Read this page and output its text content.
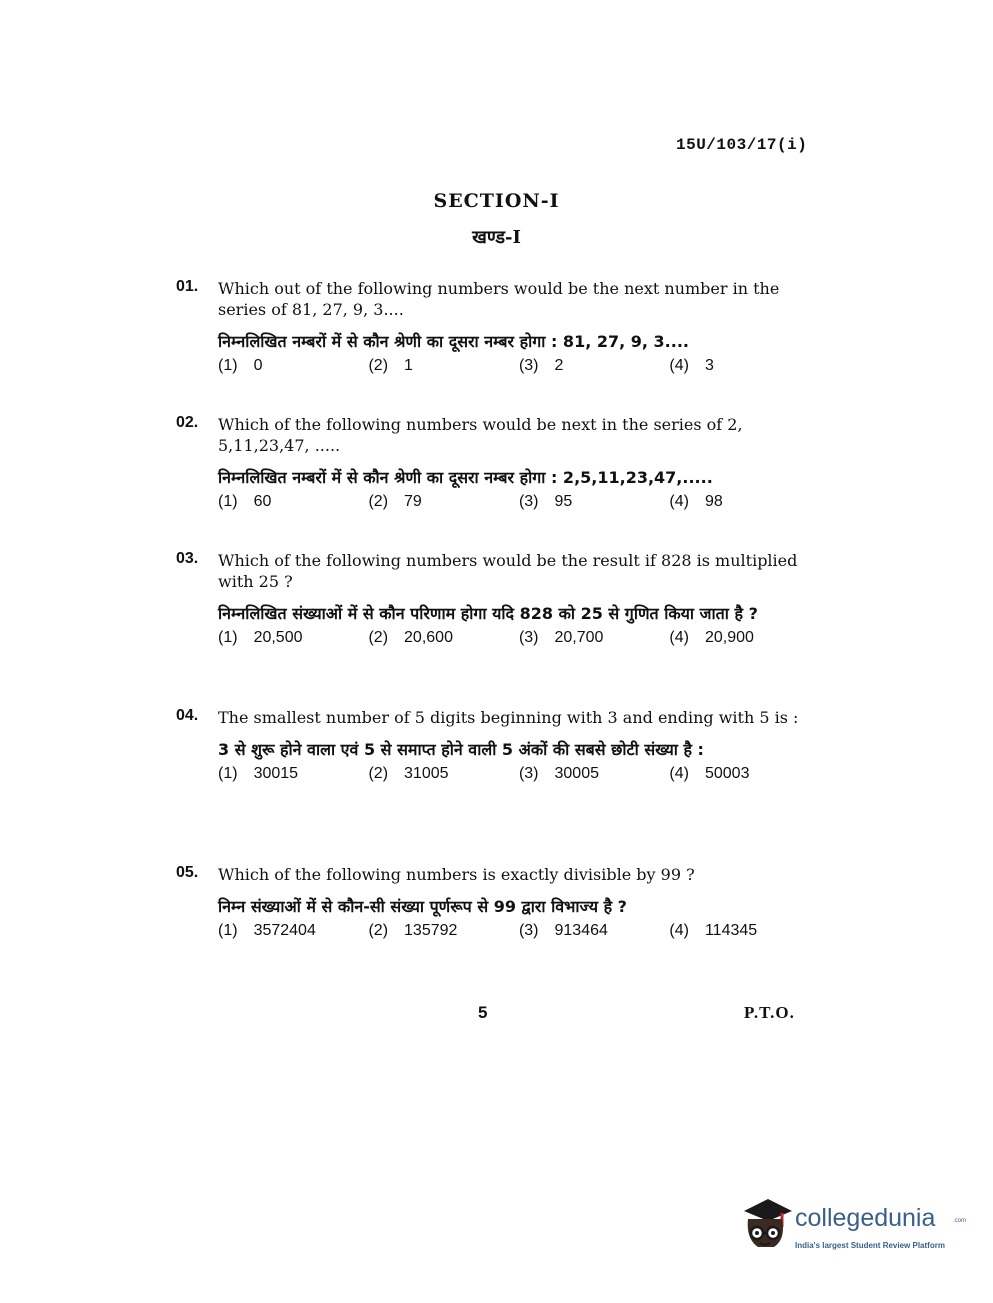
15U/103/17(i)
SECTION-I
खण्ड-I
01.	Which out of the following numbers would be the next number in the series of 81, 27, 9, 3....
निम्नलिखित नम्बरों में से कौन श्रेणी का दूसरा नम्बर होगा : 81, 27, 9, 3....
(1) 0	(2) 1	(3) 2	(4) 3
02.	Which of the following numbers would be next in the series of 2, 5,11,23,47, .....
निम्नलिखित नम्बरों में से कौन श्रेणी का दूसरा नम्बर होगा : 2,5,11,23,47,.....
(1) 60	(2) 79	(3) 95	(4) 98
03.	Which of the following numbers would be the result if 828 is multiplied with 25 ?
निम्नलिखित संख्याओं में से कौन परिणाम होगा यदि 828 को 25 से गुणित किया जाता है ?
(1) 20,500	(2) 20,600	(3) 20,700	(4) 20,900
04.	The smallest number of 5 digits beginning with 3 and ending with 5 is :
3 से शुरू होने वाला एवं 5 से समाप्त होने वाली 5 अंकों की सबसे छोटी संख्या है :
(1) 30015	(2) 31005	(3) 30005	(4) 50003
05.	Which of the following numbers is exactly divisible by 99 ?
निम्न संख्याओं में से कौन-सी संख्या पूर्णरूप से 99 द्वारा विभाज्य है ?
(1) 3572404	(2) 135792	(3) 913464	(4) 114345
5	P.T.O.
collegedunia	.com
India's largest Student Review Platform
